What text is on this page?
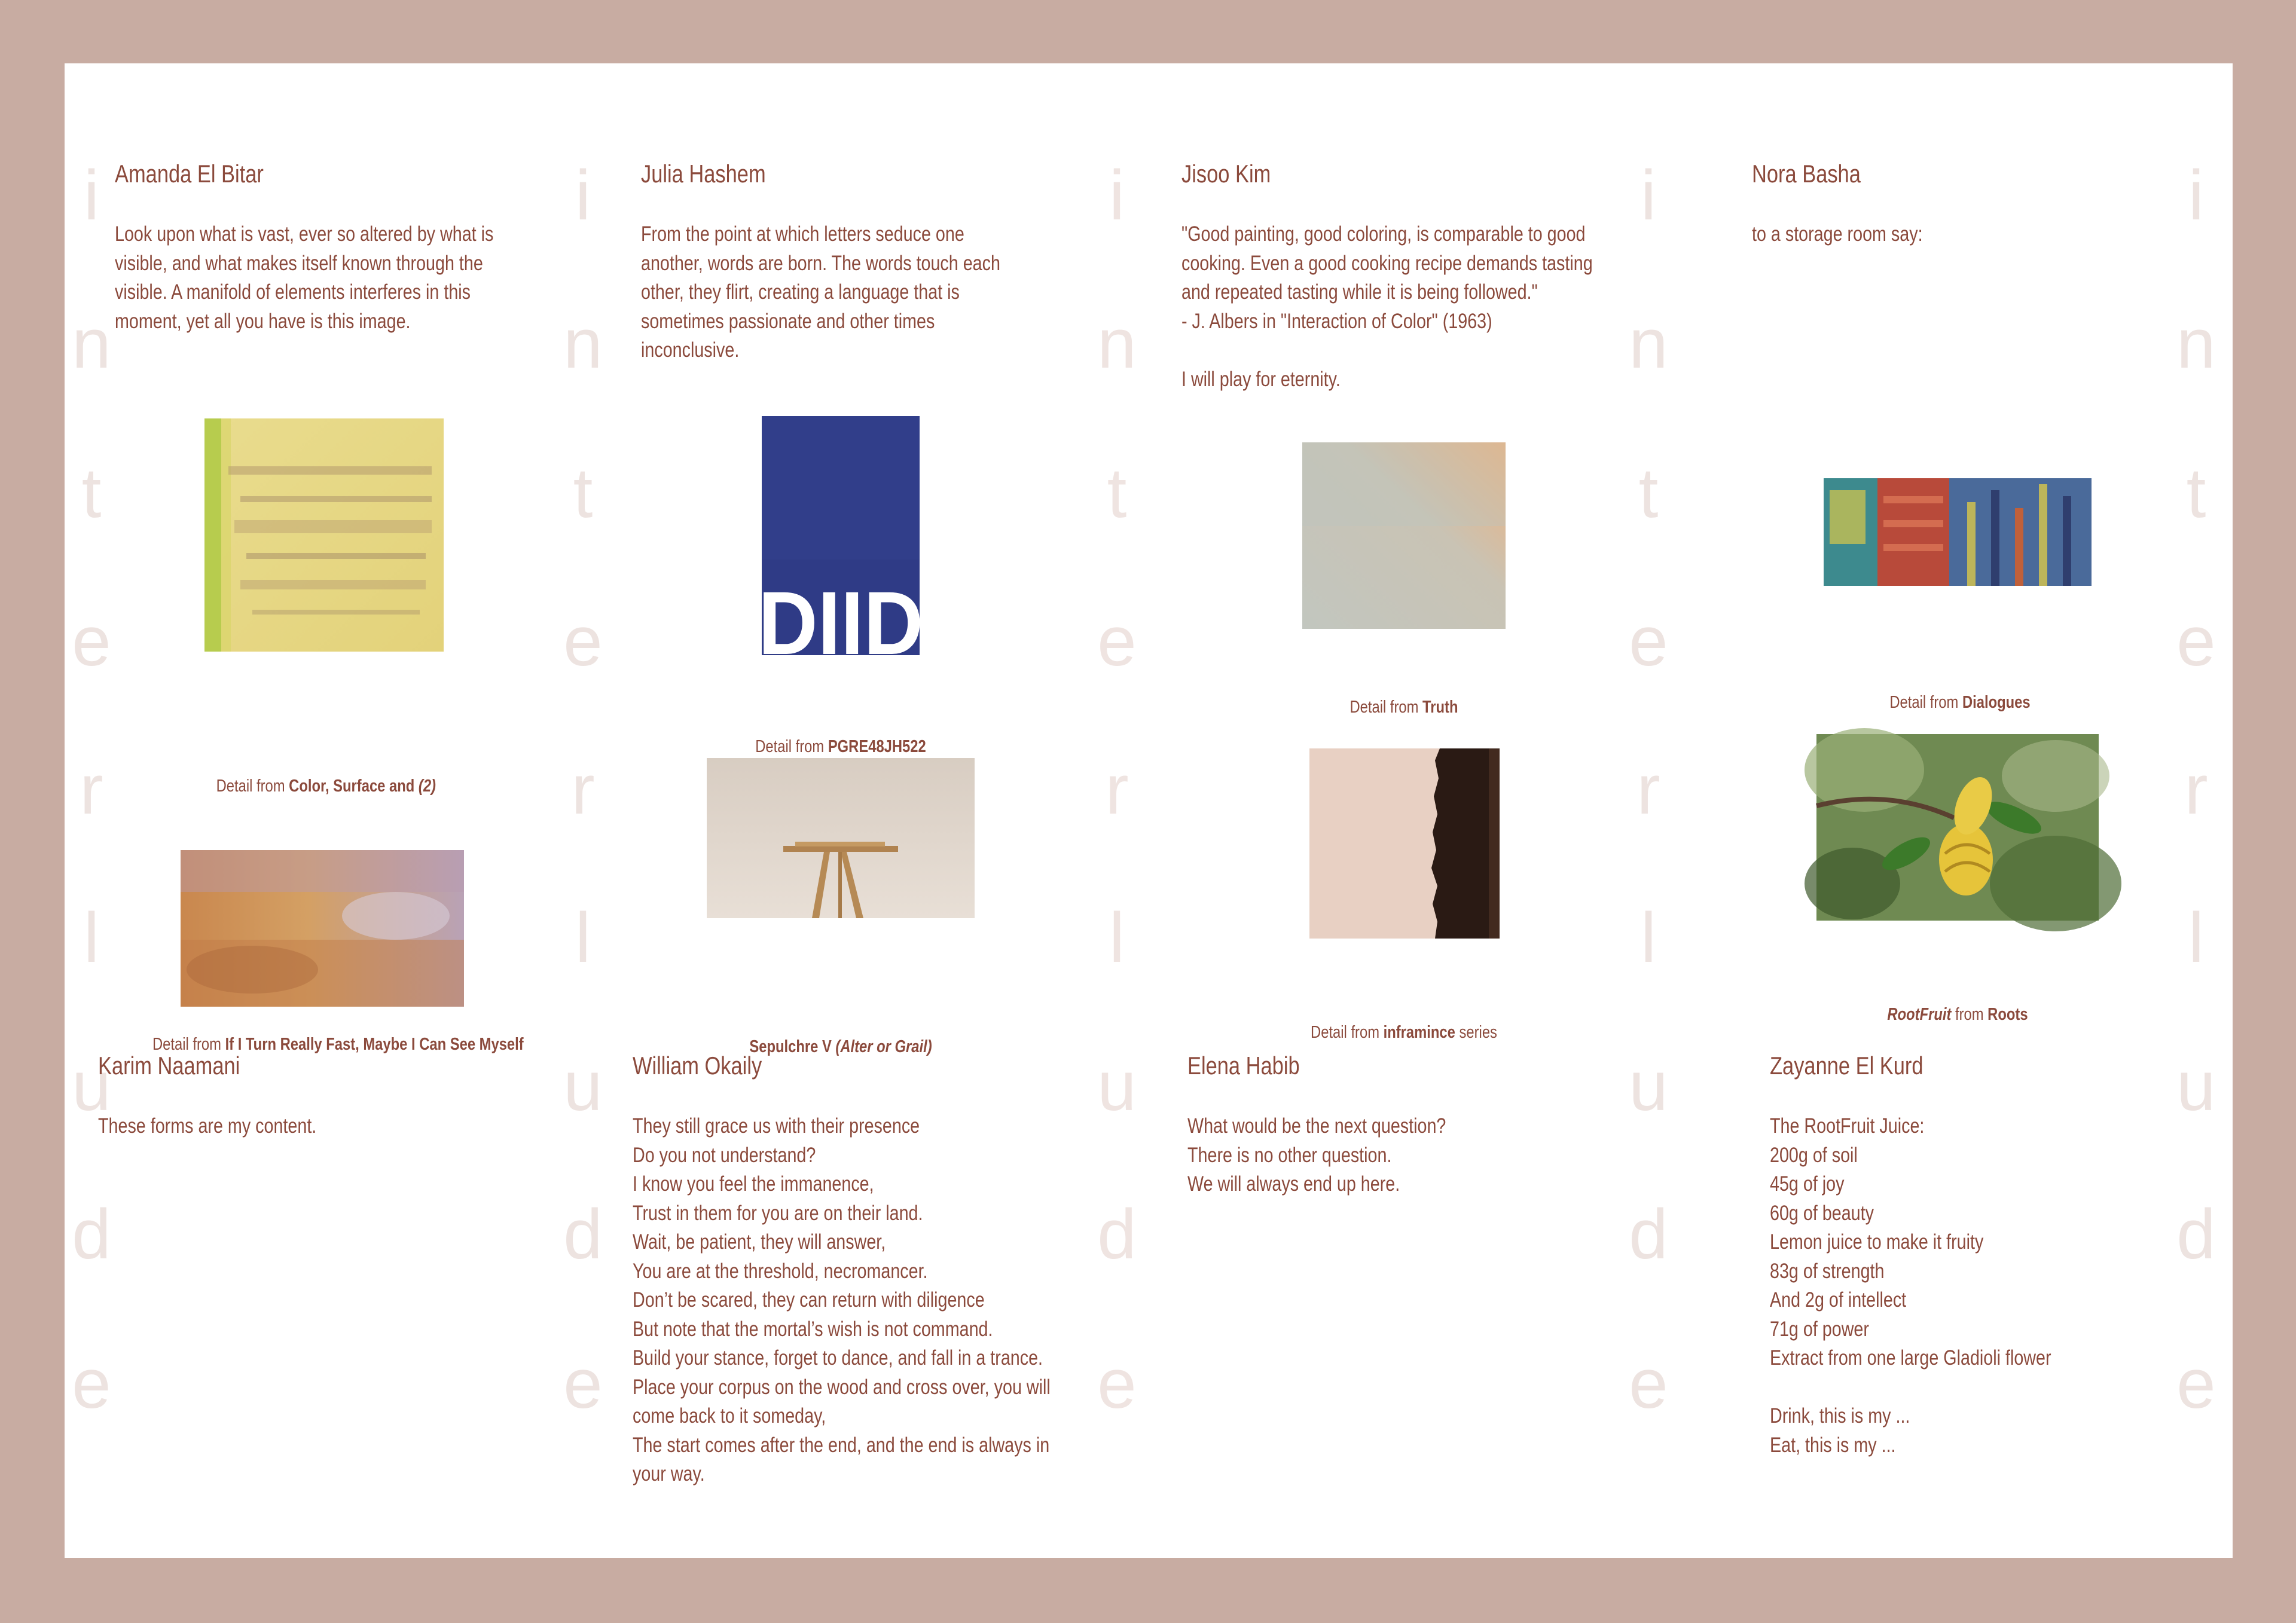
i
n
t
e
r
l
u
d
e
i
n
t
e
r
l
u
d
e
i
n
t
e
r
l
u
d
e
i
n
t
e
r
l
u
d
e
i
n
t
e
r
l
u
d
e
Amanda El Bitar
Look upon what is vast, ever so altered by what is
visible, and what makes itself known through the
visible. A manifold of elements interferes in this
moment, yet all you have is this image.
Detail from Color, Surface and (2)
Detail from If I Turn Really Fast, Maybe I Can See Myself
Julia Hashem
From the point at which letters seduce one
another, words are born. The words touch each
other, they flirt, creating a language that is
sometimes passionate and other times
inconclusive.
DIID
Detail from PGRE48JH522
Sepulchre V (Alter or Grail)
Jisoo Kim
"Good painting, good coloring, is comparable to good
cooking. Even a good cooking recipe demands tasting
and repeated tasting while it is being followed."
- J. Albers in "Interaction of Color" (1963)

I will play for eternity.
Detail from Truth
Detail from inframince series
Nora Basha
to a storage room say:
Detail from Dialogues
RootFruit from Roots
Karim Naamani
These forms are my content.
William Okaily
They still grace us with their presence
Do you not understand?
I know you feel the immanence,
Trust in them for you are on their land.
Wait, be patient, they will answer,
You are at the threshold, necromancer.
Don’t be scared, they can return with diligence
But note that the mortal’s wish is not command.
Build your stance, forget to dance, and fall in a trance.
Place your corpus on the wood and cross over, you will
come back to it someday,
The start comes after the end, and the end is always in
your way.
Elena Habib
What would be the next question?
There is no other question.
We will always end up here.
Zayanne El Kurd
The RootFruit Juice:
200g of soil
45g of joy
60g of beauty
Lemon juice to make it fruity
83g of strength
And 2g of intellect
71g of power
Extract from one large Gladioli flower

Drink, this is my ...
Eat, this is my ...
